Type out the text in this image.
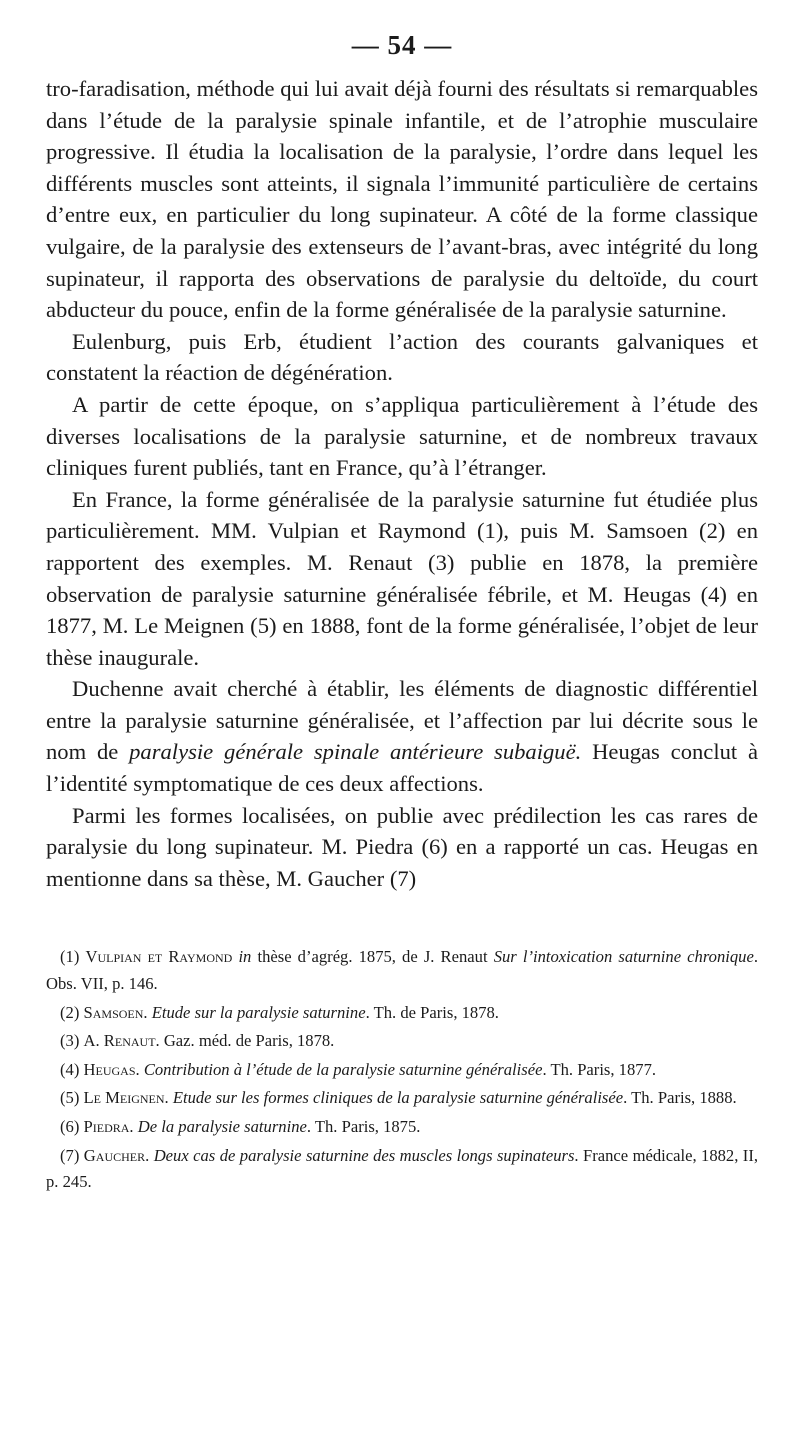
— 54 —

tro-faradisation, méthode qui lui avait déjà fourni des résultats si remarquables dans l’étude de la paralysie spinale infantile, et de l’atrophie musculaire progressive. Il étudia la localisation de la paralysie, l’ordre dans lequel les différents muscles sont atteints, il signala l’immunité particulière de certains d’entre eux, en particulier du long supinateur. A côté de la forme classique vulgaire, de la paralysie des extenseurs de l’avant-bras, avec intégrité du long supinateur, il rapporta des observations de paralysie du deltoïde, du court abducteur du pouce, enfin de la forme généralisée de la paralysie saturnine.

Eulenburg, puis Erb, étudient l’action des courants galvaniques et constatent la réaction de dégénération.

A partir de cette époque, on s’appliqua particulièrement à l’étude des diverses localisations de la paralysie saturnine, et de nombreux travaux cliniques furent publiés, tant en France, qu’à l’étranger.

En France, la forme généralisée de la paralysie saturnine fut étudiée plus particulièrement. MM. Vulpian et Raymond (1), puis M. Samsoen (2) en rapportent des exemples. M. Renaut (3) publie en 1878, la première observation de paralysie saturnine généralisée fébrile, et M. Heugas (4) en 1877, M. Le Meignen (5) en 1888, font de la forme généralisée, l’objet de leur thèse inaugurale.

Duchenne avait cherché à établir, les éléments de diagnostic différentiel entre la paralysie saturnine généralisée, et l’affection par lui décrite sous le nom de paralysie générale spinale antérieure subaiguë. Heugas conclut à l’identité symptomatique de ces deux affections.

Parmi les formes localisées, on publie avec prédilection les cas rares de paralysie du long supinateur. M. Piedra (6) en a rapporté un cas. Heugas en mentionne dans sa thèse, M. Gaucher (7)

(1) Vulpian et Raymond in thèse d’agrég. 1875, de J. Renaut Sur l’intoxication saturnine chronique. Obs. VII, p. 146.

(2) Samsoen. Etude sur la paralysie saturnine. Th. de Paris, 1878.

(3) A. Renaut. Gaz. méd. de Paris, 1878.

(4) Heugas. Contribution à l’étude de la paralysie saturnine généralisée. Th. Paris, 1877.

(5) Le Meignen. Etude sur les formes cliniques de la paralysie saturnine généralisée. Th. Paris, 1888.

(6) Piedra. De la paralysie saturnine. Th. Paris, 1875.

(7) Gaucher. Deux cas de paralysie saturnine des muscles longs supinateurs. France médicale, 1882, II, p. 245.
